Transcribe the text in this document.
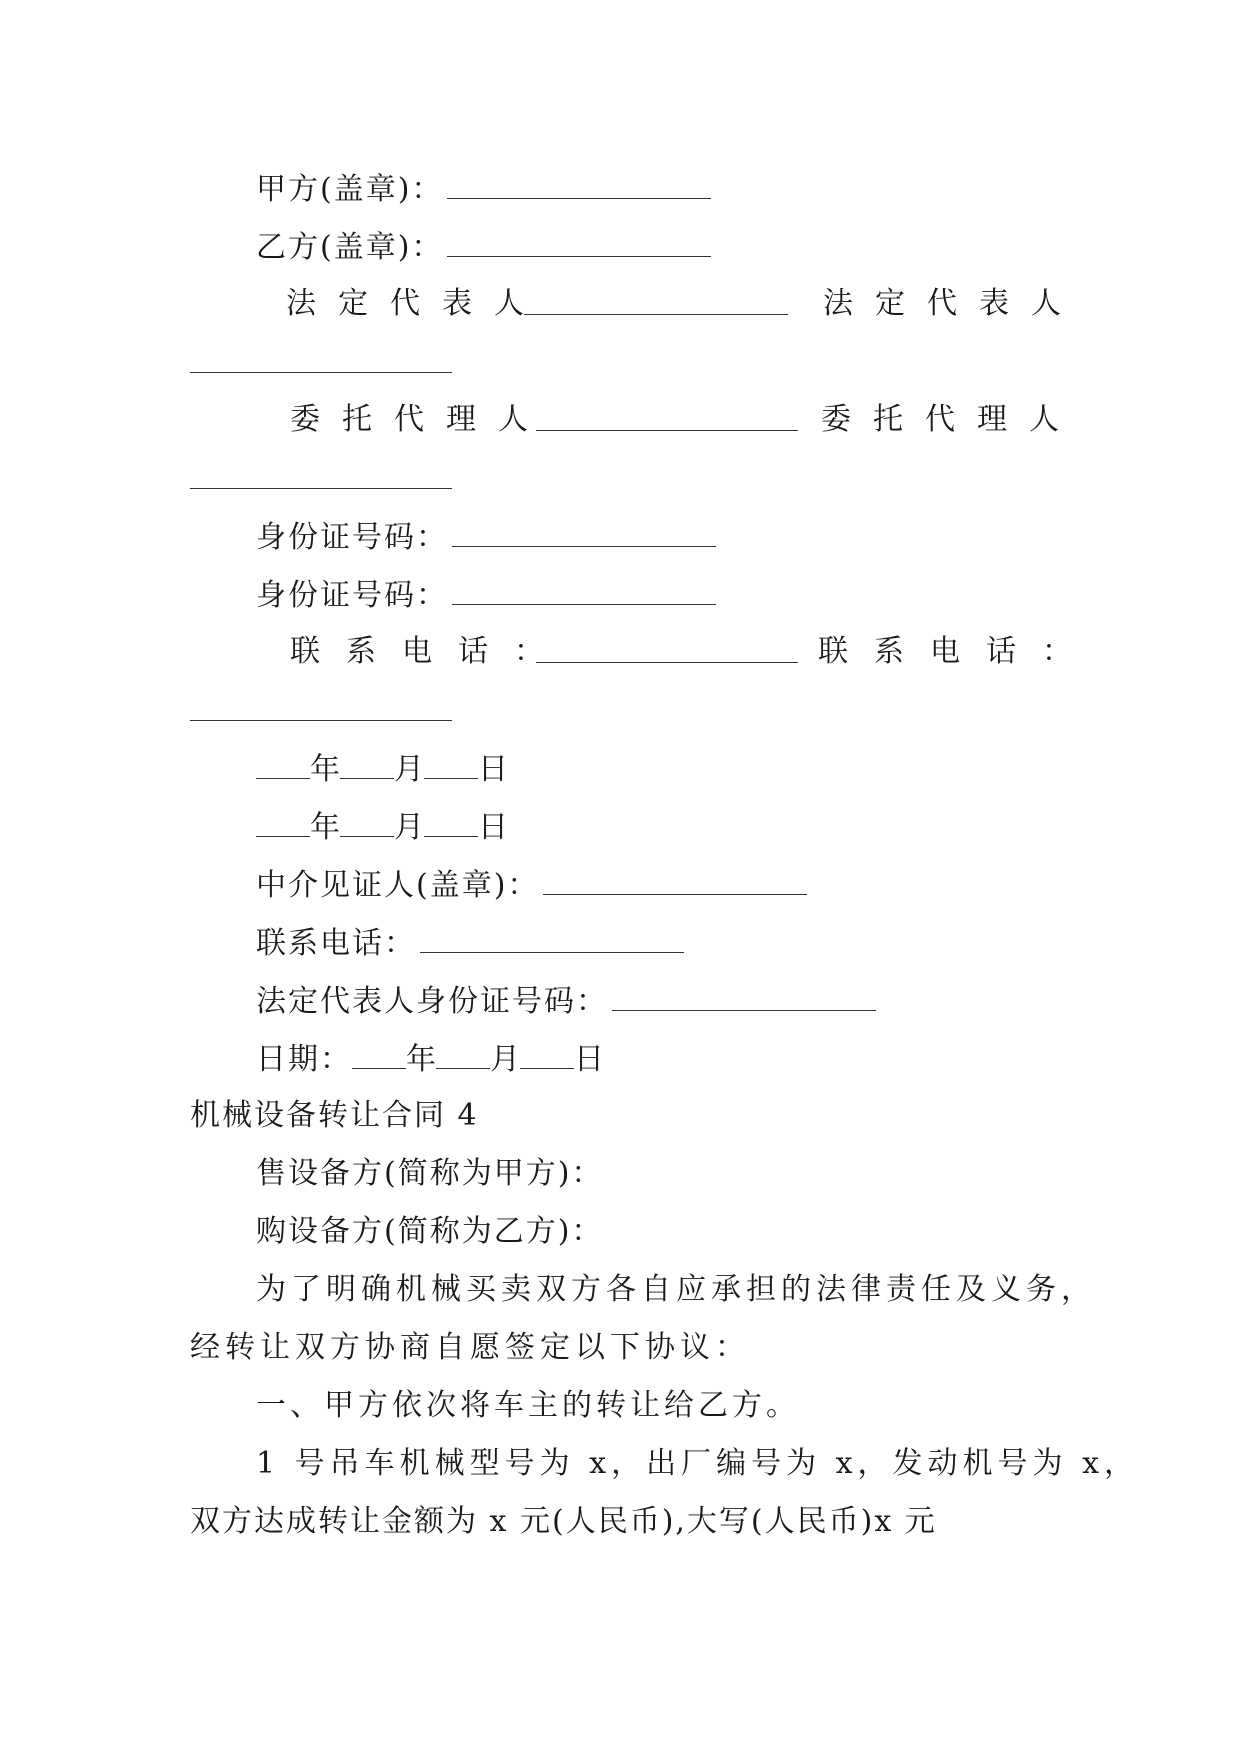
甲方(盖章)：
乙方(盖章)：
法定代表人	法定代表人
委托代理人	委托代理人
身份证号码：
身份证号码：
联系电话：	联系电话：
年 月 日
年 月 日
中介见证人(盖章)：
联系电话：
法定代表人身份证号码：
日期： 年 月 日
机械设备转让合同 4
售设备方(简称为甲方)：
购设备方(简称为乙方)：
为了明确机械买卖双方各自应承担的法律责任及义务，
经转让双方协商自愿签定以下协议：
一、甲方依次将车主的转让给乙方。
1 号吊车机械型号为 x，出厂编号为 x，发动机号为 x，
双方达成转让金额为 x 元(人民币),大写(人民币)x 元
